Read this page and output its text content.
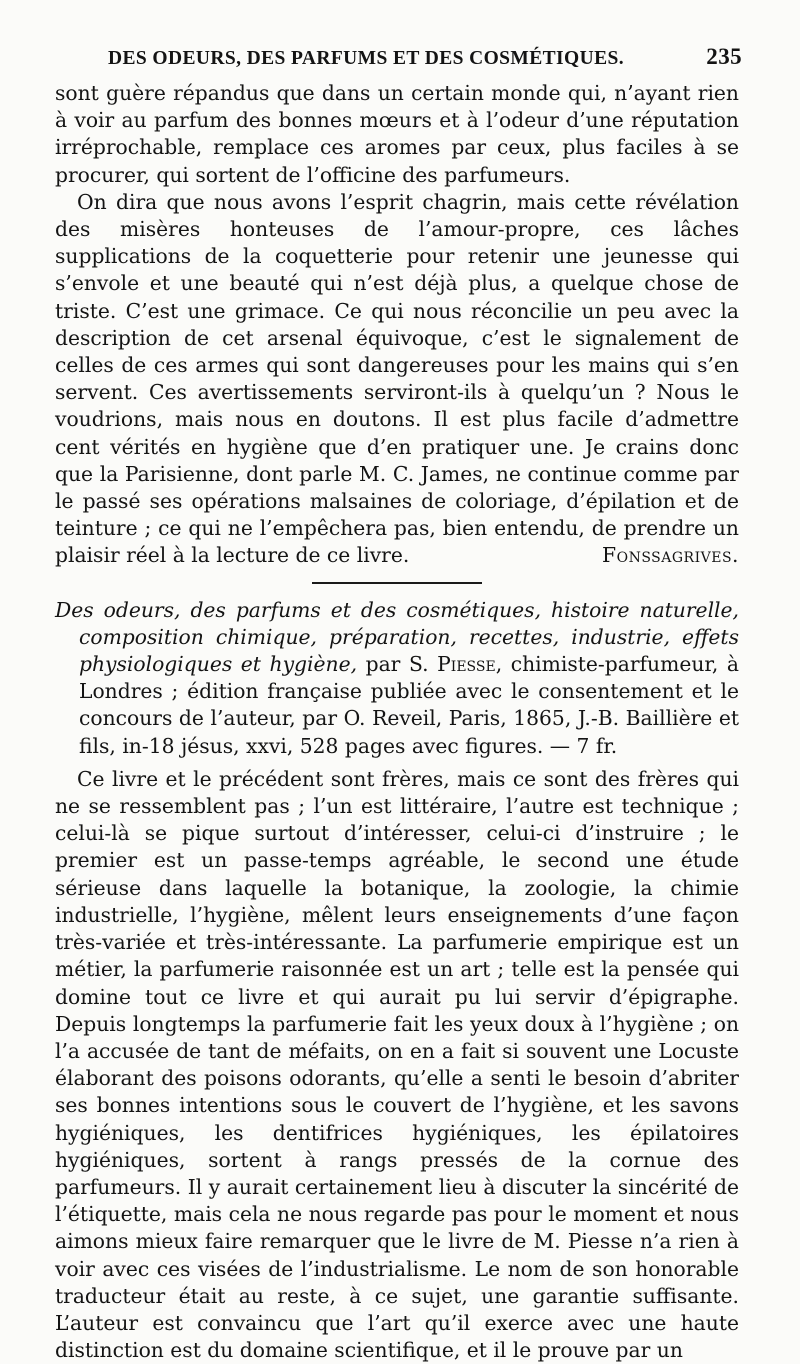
DES ODEURS, DES PARFUMS ET DES COSMÉTIQUES.	235

sont guère répandus que dans un certain monde qui, n’ayant rien à voir au parfum des bonnes mœurs et à l’odeur d’une réputation irréprochable, remplace ces aromes par ceux, plus faciles à se procurer, qui sortent de l’officine des parfumeurs.

On dira que nous avons l’esprit chagrin, mais cette révélation des misères honteuses de l’amour-propre, ces lâches supplications de la coquetterie pour retenir une jeunesse qui s’envole et une beauté qui n’est déjà plus, a quelque chose de triste. C’est une grimace. Ce qui nous réconcilie un peu avec la description de cet arsenal équivoque, c’est le signalement de celles de ces armes qui sont dangereuses pour les mains qui s’en servent. Ces avertissements serviront-ils à quelqu’un ? Nous le voudrions, mais nous en doutons. Il est plus facile d’admettre cent vérités en hygiène que d’en pratiquer une. Je crains donc que la Parisienne, dont parle M. C. James, ne continue comme par le passé ses opérations malsaines de coloriage, d’épilation et de teinture ; ce qui ne l’empêchera pas, bien entendu, de prendre un plaisir réel à la lecture de ce livre.	Fonssagrives.

Des odeurs, des parfums et des cosmétiques, histoire naturelle, composition chimique, préparation, recettes, industrie, effets physiologiques et hygiène, par S. Piesse, chimiste-parfumeur, à Londres ; édition française publiée avec le consentement et le concours de l’auteur, par O. Reveil, Paris, 1865, J.-B. Baillière et fils, in-18 jésus, xxvi, 528 pages avec figures. — 7 fr.

Ce livre et le précédent sont frères, mais ce sont des frères qui ne se ressemblent pas ; l’un est littéraire, l’autre est technique ; celui-là se pique surtout d’intéresser, celui-ci d’instruire ; le premier est un passe-temps agréable, le second une étude sérieuse dans laquelle la botanique, la zoologie, la chimie industrielle, l’hygiène, mêlent leurs enseignements d’une façon très-variée et très-intéressante. La parfumerie empirique est un métier, la parfumerie raisonnée est un art ; telle est la pensée qui domine tout ce livre et qui aurait pu lui servir d’épigraphe. Depuis longtemps la parfumerie fait les yeux doux à l’hygiène ; on l’a accusée de tant de méfaits, on en a fait si souvent une Locuste élaborant des poisons odorants, qu’elle a senti le besoin d’abriter ses bonnes intentions sous le couvert de l’hygiène, et les savons hygiéniques, les dentifrices hygiéniques, les épilatoires hygiéniques, sortent à rangs pressés de la cornue des parfumeurs. Il y aurait certainement lieu à discuter la sincérité de l’étiquette, mais cela ne nous regarde pas pour le moment et nous aimons mieux faire remarquer que le livre de M. Piesse n’a rien à voir avec ces visées de l’industrialisme. Le nom de son honorable traducteur était au reste, à ce sujet, une garantie suffisante. L’auteur est convaincu que l’art qu’il exerce avec une haute distinction est du domaine scientifique, et il le prouve par un
